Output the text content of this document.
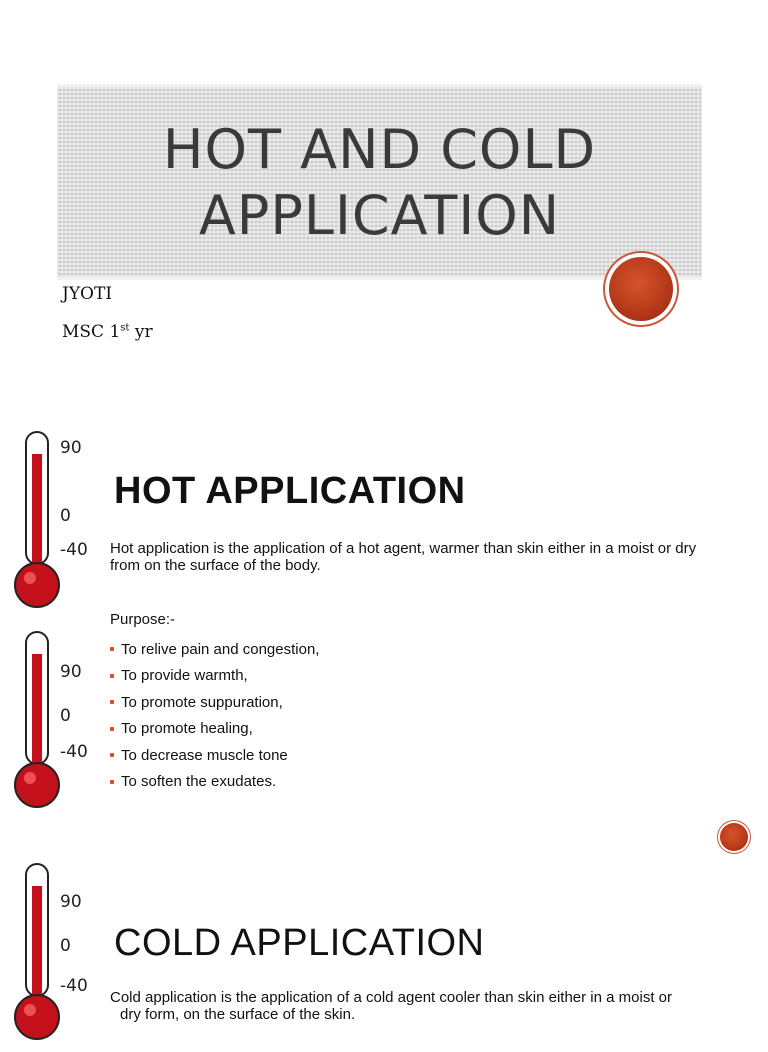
HOT AND COLD
APPLICATION
JYOTI
MSC 1st yr
90
0
-40
90
0
-40
90
0
-40
HOT APPLICATION

Hot application is the application of a hot agent, warmer than skin either in a moist or dry from on the surface of the body.

Purpose:-

To relive pain and congestion,
To provide warmth,
To promote suppuration,
To promote healing,
To decrease muscle tone
To soften the exudates.
COLD APPLICATION

Cold application is the application of a cold agent cooler than skin either in a moist or
dry form, on the surface of the skin.
